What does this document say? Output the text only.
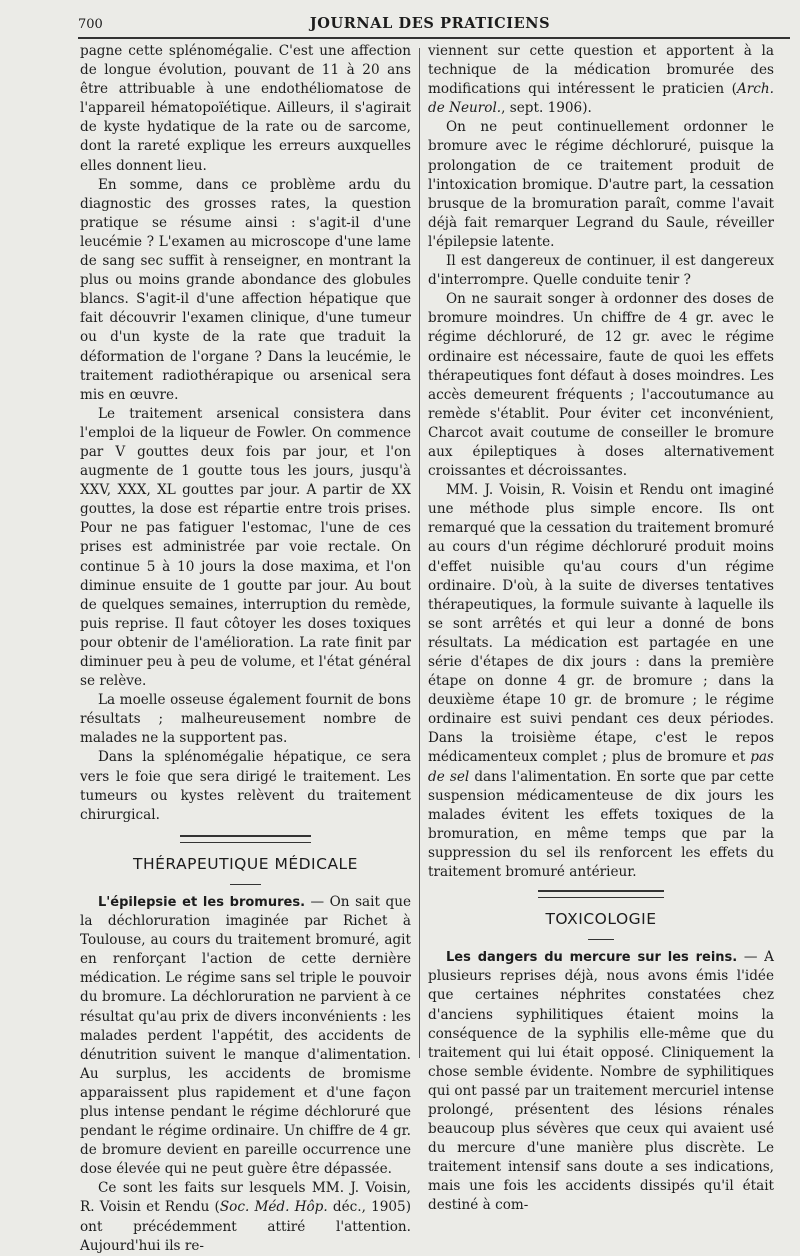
700	JOURNAL DES PRATICIENS

pagne cette splénomégalie. C'est une affection de longue évolution, pouvant de 11 à 20 ans être attribuable à une endothéliomatose de l'appareil hématopoïétique. Ailleurs, il s'agirait de kyste hydatique de la rate ou de sarcome, dont la rareté explique les erreurs auxquelles elles donnent lieu.

En somme, dans ce problème ardu du diagnostic des grosses rates, la question pratique se résume ainsi : s'agit-il d'une leucémie ? L'examen au microscope d'une lame de sang sec suffit à renseigner, en montrant la plus ou moins grande abondance des globules blancs. S'agit-il d'une affection hépatique que fait découvrir l'examen clinique, d'une tumeur ou d'un kyste de la rate que traduit la déformation de l'organe ? Dans la leucémie, le traitement radiothérapique ou arsenical sera mis en œuvre.

Le traitement arsenical consistera dans l'emploi de la liqueur de Fowler. On commence par V gouttes deux fois par jour, et l'on augmente de 1 goutte tous les jours, jusqu'à XXV, XXX, XL gouttes par jour. A partir de XX gouttes, la dose est répartie entre trois prises. Pour ne pas fatiguer l'estomac, l'une de ces prises est administrée par voie rectale. On continue 5 à 10 jours la dose maxima, et l'on diminue ensuite de 1 goutte par jour. Au bout de quelques semaines, interruption du remède, puis reprise. Il faut côtoyer les doses toxiques pour obtenir de l'amélioration. La rate finit par diminuer peu à peu de volume, et l'état général se relève.

La moelle osseuse également fournit de bons résultats ; malheureusement nombre de malades ne la supportent pas.

Dans la splénomégalie hépatique, ce sera vers le foie que sera dirigé le traitement. Les tumeurs ou kystes relèvent du traitement chirurgical.

THÉRAPEUTIQUE MÉDICALE

L'épilepsie et les bromures. — On sait que la déchloruration imaginée par Richet à Toulouse, au cours du traitement bromuré, agit en renforçant l'action de cette dernière médication. Le régime sans sel triple le pouvoir du bromure. La déchloruration ne parvient à ce résultat qu'au prix de divers inconvénients : les malades perdent l'appétit, des accidents de dénutrition suivent le manque d'alimentation. Au surplus, les accidents de bromisme apparaissent plus rapidement et d'une façon plus intense pendant le régime déchloruré que pendant le régime ordinaire. Un chiffre de 4 gr. de bromure devient en pareille occurrence une dose élevée qui ne peut guère être dépassée.

Ce sont les faits sur lesquels MM. J. Voisin, R. Voisin et Rendu (Soc. Méd. Hôp. déc., 1905) ont précédemment attiré l'attention. Aujourd'hui ils re-

viennent sur cette question et apportent à la technique de la médication bromurée des modifications qui intéressent le praticien (Arch. de Neurol., sept. 1906).

On ne peut continuellement ordonner le bromure avec le régime déchloruré, puisque la prolongation de ce traitement produit de l'intoxication bromique. D'autre part, la cessation brusque de la bromuration paraît, comme l'avait déjà fait remarquer Legrand du Saule, réveiller l'épilepsie latente.

Il est dangereux de continuer, il est dangereux d'interrompre. Quelle conduite tenir ?

On ne saurait songer à ordonner des doses de bromure moindres. Un chiffre de 4 gr. avec le régime déchloruré, de 12 gr. avec le régime ordinaire est nécessaire, faute de quoi les effets thérapeutiques font défaut à doses moindres. Les accès demeurent fréquents ; l'accoutumance au remède s'établit. Pour éviter cet inconvénient, Charcot avait coutume de conseiller le bromure aux épileptiques à doses alternativement croissantes et décroissantes.

MM. J. Voisin, R. Voisin et Rendu ont imaginé une méthode plus simple encore. Ils ont remarqué que la cessation du traitement bromuré au cours d'un régime déchloruré produit moins d'effet nuisible qu'au cours d'un régime ordinaire. D'où, à la suite de diverses tentatives thérapeutiques, la formule suivante à laquelle ils se sont arrêtés et qui leur a donné de bons résultats. La médication est partagée en une série d'étapes de dix jours : dans la première étape on donne 4 gr. de bromure ; dans la deuxième étape 10 gr. de bromure ; le régime ordinaire est suivi pendant ces deux périodes. Dans la troisième étape, c'est le repos médicamenteux complet ; plus de bromure et pas de sel dans l'alimentation. En sorte que par cette suspension médicamenteuse de dix jours les malades évitent les effets toxiques de la bromuration, en même temps que par la suppression du sel ils renforcent les effets du traitement bromuré antérieur.

TOXICOLOGIE

Les dangers du mercure sur les reins. — A plusieurs reprises déjà, nous avons émis l'idée que certaines néphrites constatées chez d'anciens syphilitiques étaient moins la conséquence de la syphilis elle-même que du traitement qui lui était opposé. Cliniquement la chose semble évidente. Nombre de syphilitiques qui ont passé par un traitement mercuriel intense prolongé, présentent des lésions rénales beaucoup plus sévères que ceux qui avaient usé du mercure d'une manière plus discrète. Le traitement intensif sans doute a ses indications, mais une fois les accidents dissipés qu'il était destiné à com-
